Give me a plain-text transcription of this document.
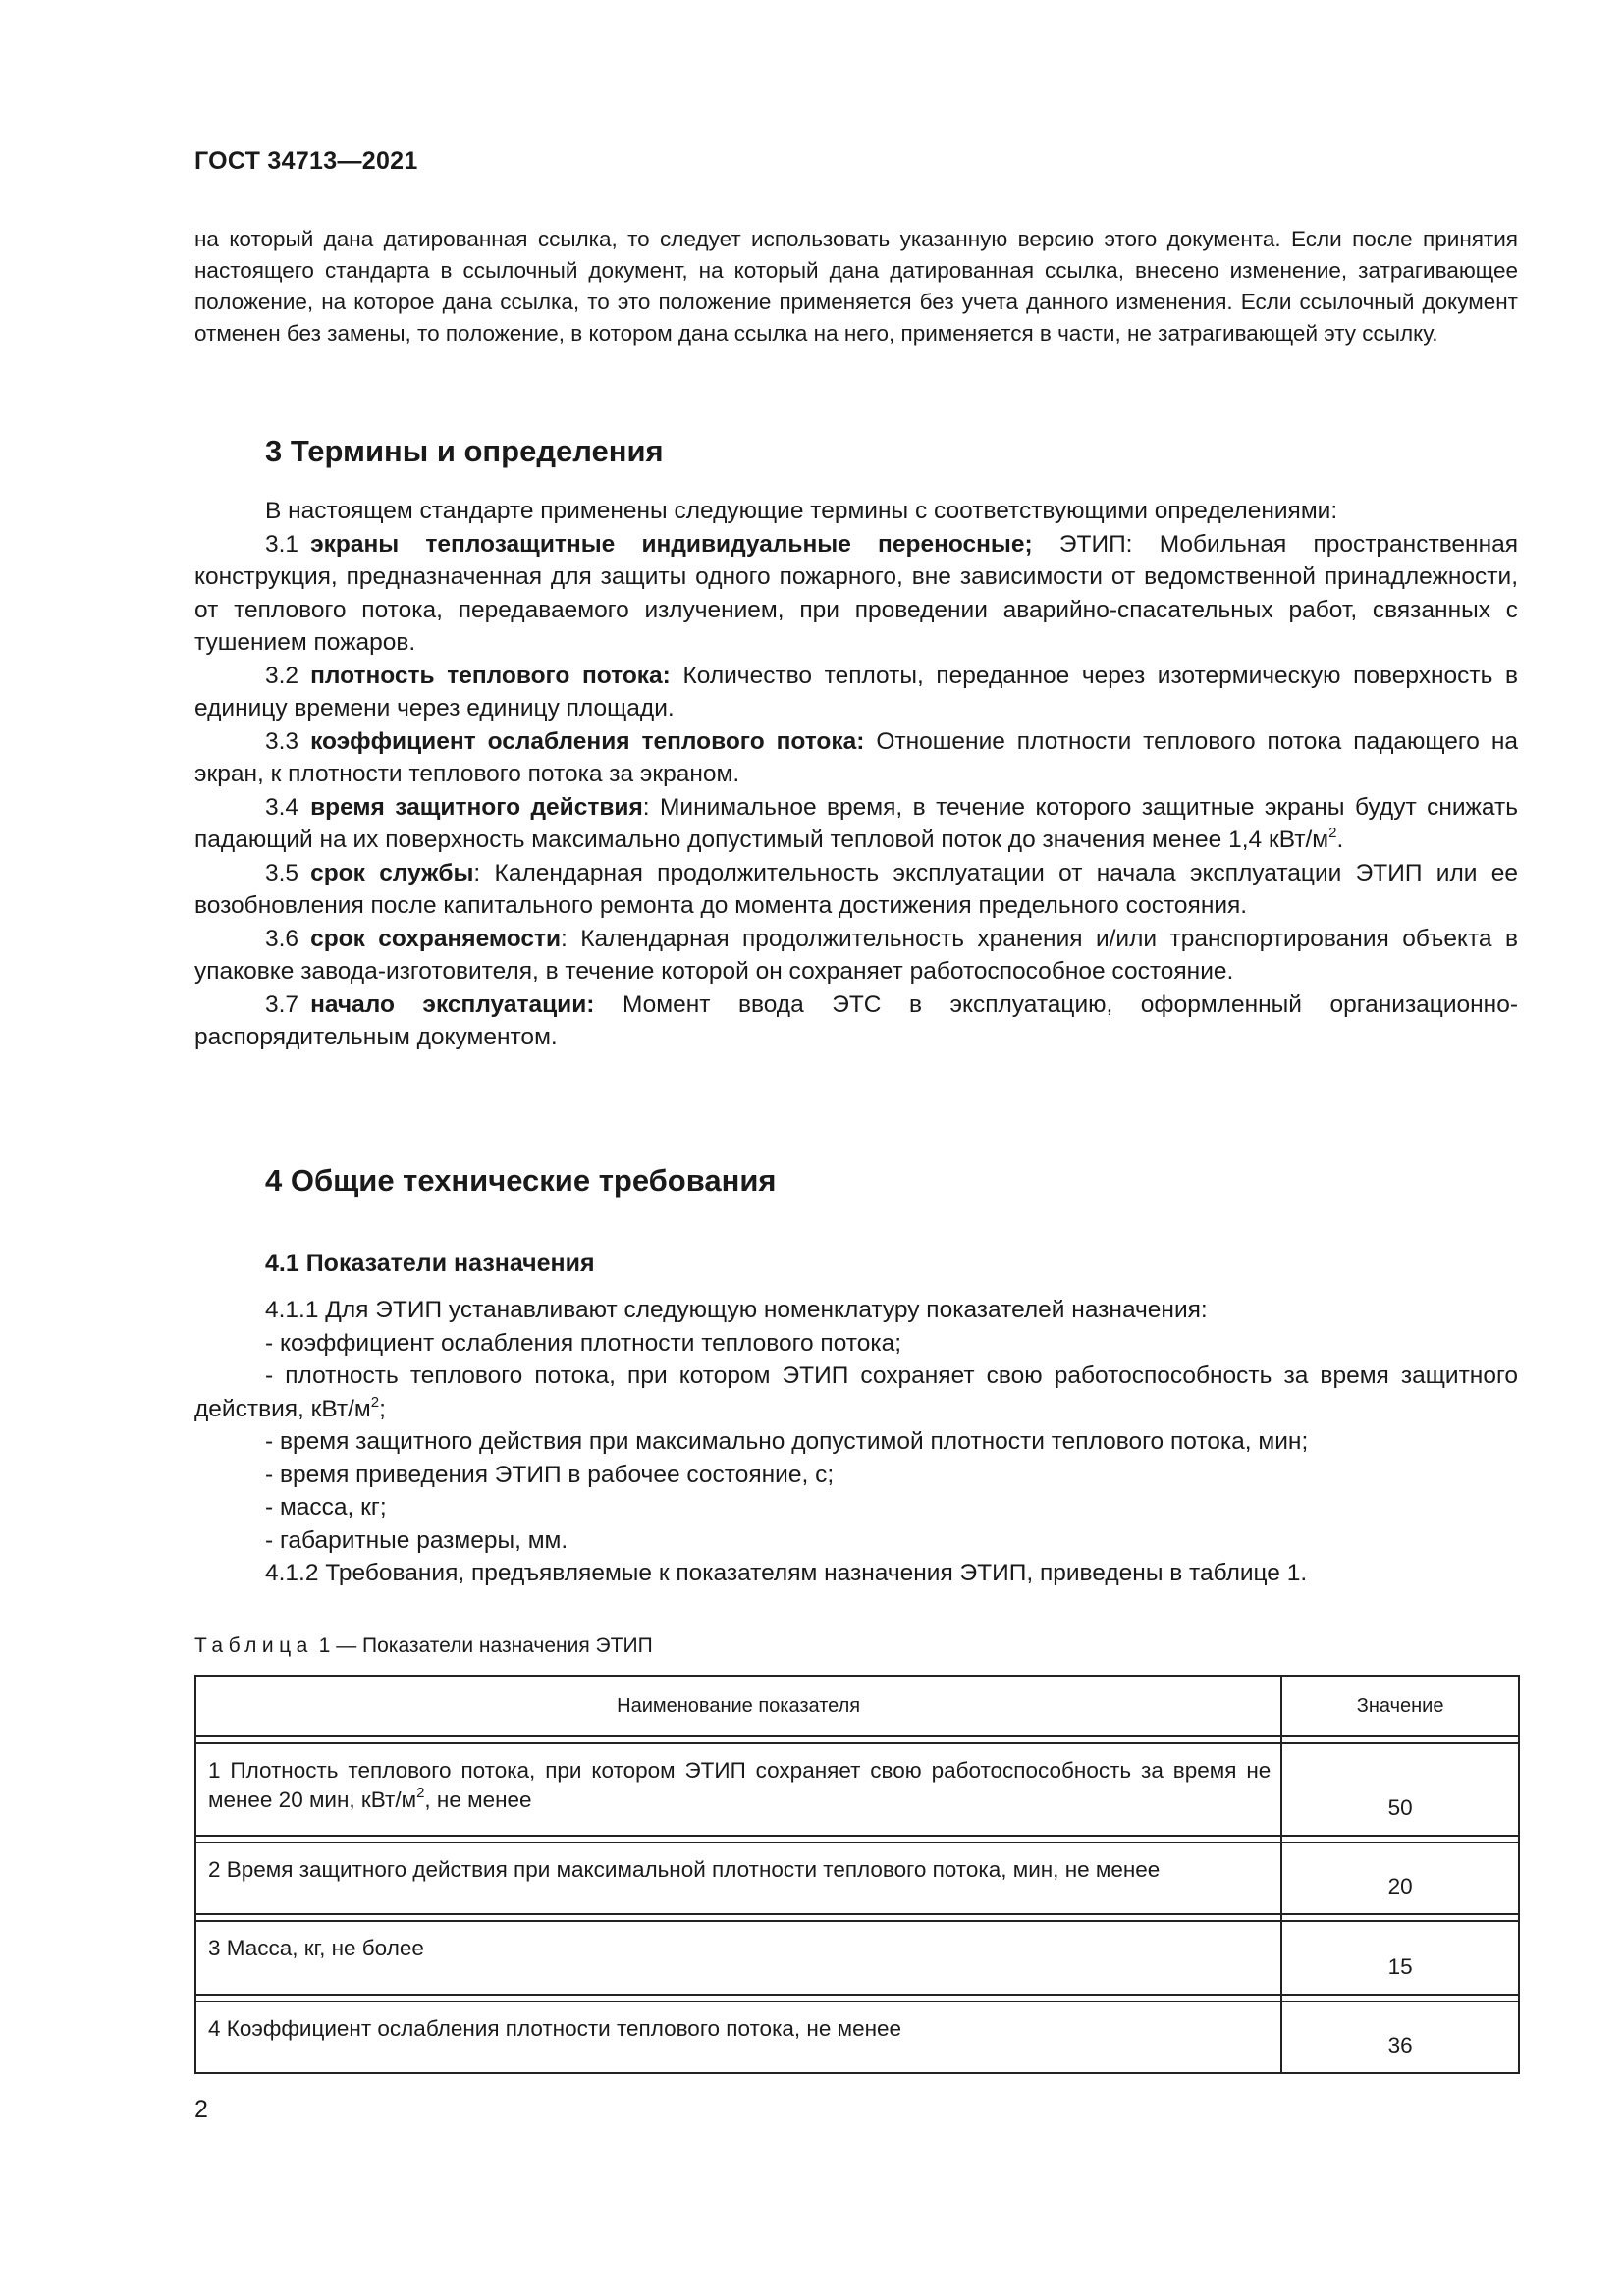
ГОСТ 34713—2021

на который дана датированная ссылка, то следует использовать указанную версию этого документа. Если после принятия настоящего стандарта в ссылочный документ, на который дана датированная ссылка, внесено изменение, затрагивающее положение, на которое дана ссылка, то это положение применяется без учета данного изменения. Если ссылочный документ отменен без замены, то положение, в котором дана ссылка на него, применяется в части, не затрагивающей эту ссылку.

3 Термины и определения

В настоящем стандарте применены следующие термины с соответствующими определениями:

3.1 экраны теплозащитные индивидуальные переносные; ЭТИП: Мобильная пространственная конструкция, предназначенная для защиты одного пожарного, вне зависимости от ведомственной принадлежности, от теплового потока, передаваемого излучением, при проведении аварийно-спасательных работ, связанных с тушением пожаров.

3.2 плотность теплового потока: Количество теплоты, переданное через изотермическую поверхность в единицу времени через единицу площади.

3.3 коэффициент ослабления теплового потока: Отношение плотности теплового потока падающего на экран, к плотности теплового потока за экраном.

3.4 время защитного действия: Минимальное время, в течение которого защитные экраны будут снижать падающий на их поверхность максимально допустимый тепловой поток до значения менее 1,4 кВт/$м^2$.

3.5 срок службы: Календарная продолжительность эксплуатации от начала эксплуатации ЭТИП или ее возобновления после капитального ремонта до момента достижения предельного состояния.

3.6 срок сохраняемости: Календарная продолжительность хранения и/или транспортирования объекта в упаковке завода-изготовителя, в течение которой он сохраняет работоспособное состояние.

3.7 начало эксплуатации: Момент ввода ЭТС в эксплуатацию, оформленный организационно-распорядительным документом.

4 Общие технические требования
4.1 Показатели назначения

4.1.1 Для ЭТИП устанавливают следующую номенклатуру показателей назначения:

- коэффициент ослабления плотности теплового потока;

- плотность теплового потока, при котором ЭТИП сохраняет свою работоспособность за время защитного действия, кВт/$м^2$;

- время защитного действия при максимально допустимой плотности теплового потока, мин;

- время приведения ЭТИП в рабочее состояние, с;

- масса, кг;

- габаритные размеры, мм.

4.1.2 Требования, предъявляемые к показателям назначения ЭТИП, приведены в таблице 1.

Таблица 1 — Показатели назначения ЭТИП
Наименование показателя	Значение

1 Плотность теплового потока, при котором ЭТИП сохраняет свою работоспособность за время не менее 20 мин, кВт/$м^2$, не менее	50

2 Время защитного действия при максимальной плотности теплового потока, мин, не менее	20

3 Масса, кг, не более	15

4 Коэффициент ослабления плотности теплового потока, не менее	36
2
